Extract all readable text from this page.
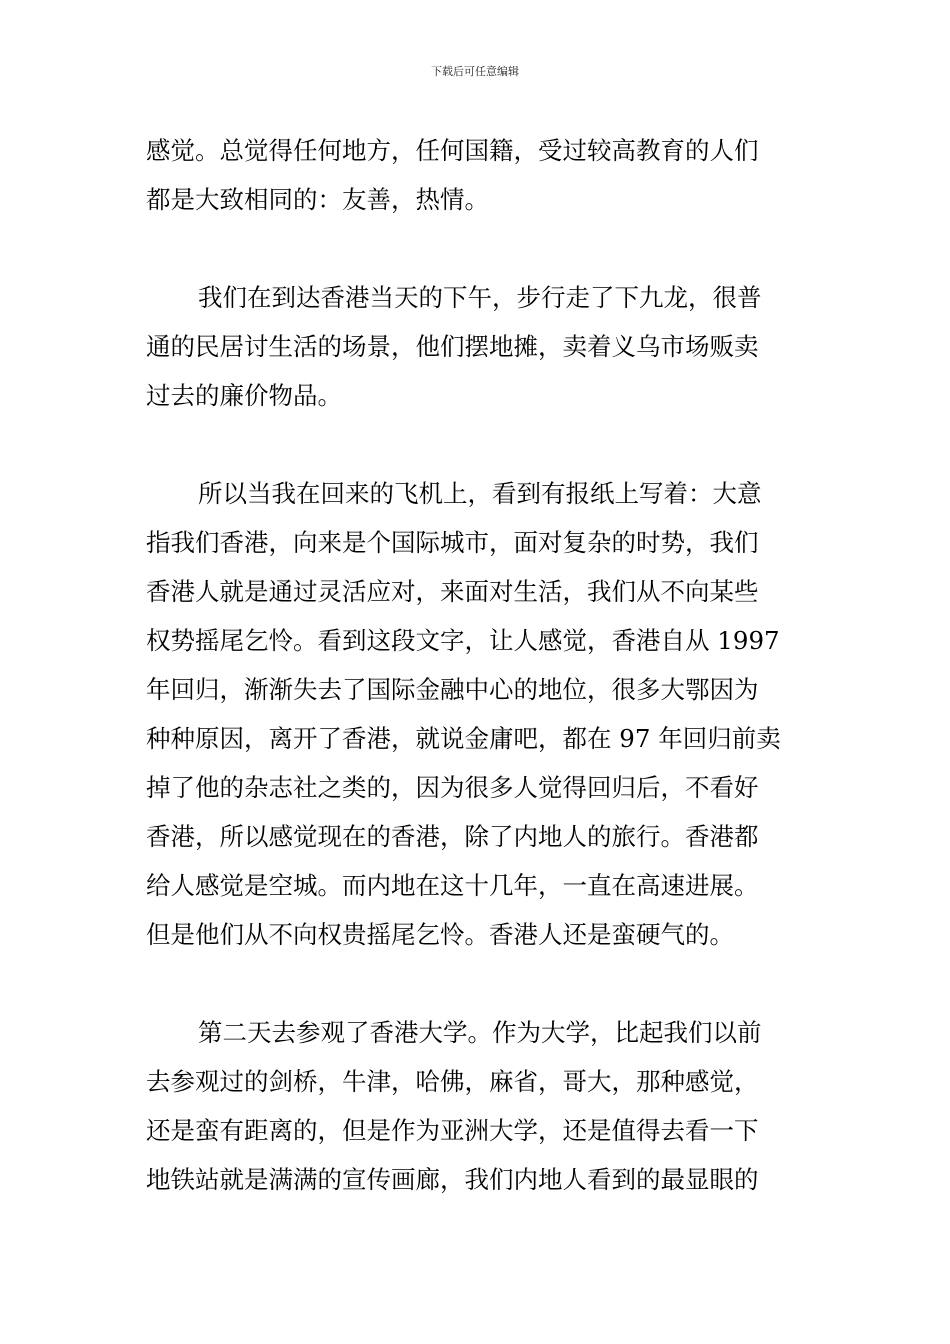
下载后可任意编辑
感觉。总觉得任何地方，任何国籍，受过较高教育的人们
都是大致相同的：友善，热情。
我们在到达香港当天的下午，步行走了下九龙，很普
通的民居讨生活的场景，他们摆地摊，卖着义乌市场贩卖
过去的廉价物品。
所以当我在回来的飞机上，看到有报纸上写着：大意
指我们香港，向来是个国际城市，面对复杂的时势，我们
香港人就是通过灵活应对，来面对生活，我们从不向某些
权势摇尾乞怜。看到这段文字，让人感觉，香港自从 1997
年回归，渐渐失去了国际金融中心的地位，很多大鄂因为
种种原因，离开了香港，就说金庸吧，都在 97 年回归前卖
掉了他的杂志社之类的，因为很多人觉得回归后，不看好
香港，所以感觉现在的香港，除了内地人的旅行。香港都
给人感觉是空城。而内地在这十几年，一直在高速进展。
但是他们从不向权贵摇尾乞怜。香港人还是蛮硬气的。
第二天去参观了香港大学。作为大学，比起我们以前
去参观过的剑桥，牛津，哈佛，麻省，哥大，那种感觉，
还是蛮有距离的，但是作为亚洲大学，还是值得去看一下
地铁站就是满满的宣传画廊，我们内地人看到的最显眼的
